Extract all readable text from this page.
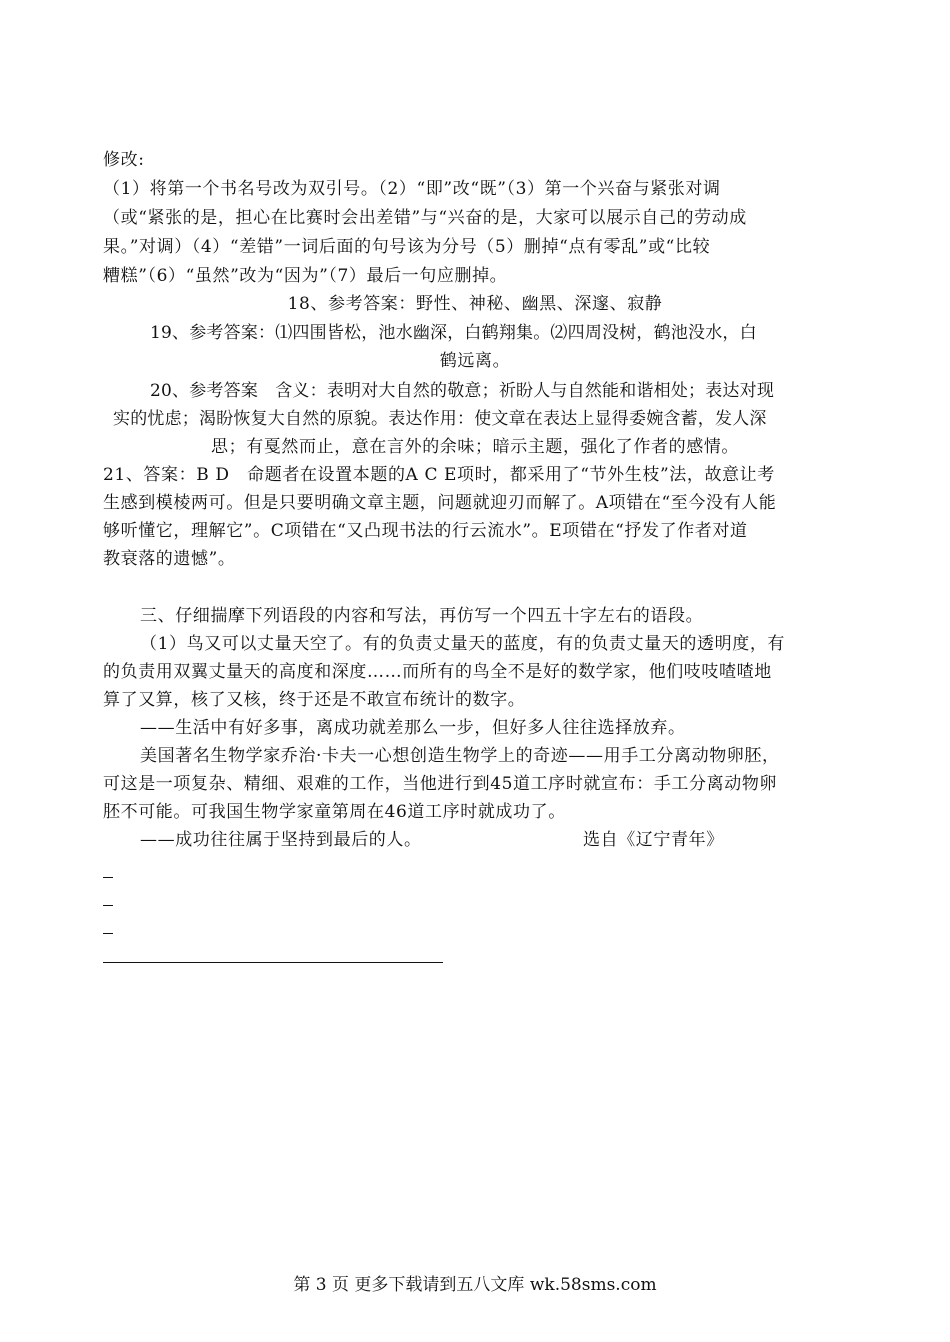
修改:
（1）将第一个书名号改为双引号。（2）“即”改“既”（3）第一个兴奋与紧张对调
（或“紧张的是，担心在比赛时会出差错”与“兴奋的是，大家可以展示自己的劳动成
果。”对调）（4）“差错”一词后面的句号该为分号（5）删掉“点有零乱”或“比较
糟糕”（6）“虽然”改为“因为”（7）最后一句应删掉。
18、参考答案：野性、神秘、幽黑、深邃、寂静
19、参考答案：⑴四围皆松，池水幽深，白鹤翔集。⑵四周没树，鹤池没水，白
鹤远离。
20、参考答案　含义：表明对大自然的敬意；祈盼人与自然能和谐相处；表达对现
实的忧虑；渴盼恢复大自然的原貌。表达作用：使文章在表达上显得委婉含蓄，发人深
思；有戛然而止，意在言外的余味；暗示主题，强化了作者的感情。
21、答案：B D　命题者在设置本题的A C E项时，都采用了“节外生枝”法，故意让考
生感到模棱两可。但是只要明确文章主题，问题就迎刃而解了。A项错在“至今没有人能
够听懂它，理解它”。C项错在“又凸现书法的行云流水”。E项错在“抒发了作者对道
教衰落的遗憾”。
三、仔细揣摩下列语段的内容和写法，再仿写一个四五十字左右的语段。
（1）鸟又可以丈量天空了。有的负责丈量天的蓝度，有的负责丈量天的透明度，有
的负责用双翼丈量天的高度和深度……而所有的鸟全不是好的数学家，他们吱吱喳喳地
算了又算，核了又核，终于还是不敢宣布统计的数字。
——生活中有好多事，离成功就差那么一步，但好多人往往选择放弃。
美国著名生物学家乔治·卡夫一心想创造生物学上的奇迹——用手工分离动物卵胚，
可这是一项复杂、精细、艰难的工作，当他进行到45道工序时就宣布：手工分离动物卵
胚不可能。可我国生物学家童第周在46道工序时就成功了。
——成功往往属于坚持到最后的人。	选自《辽宁青年》
第 3 页 更多下载请到五八文库 wk.58sms.com
